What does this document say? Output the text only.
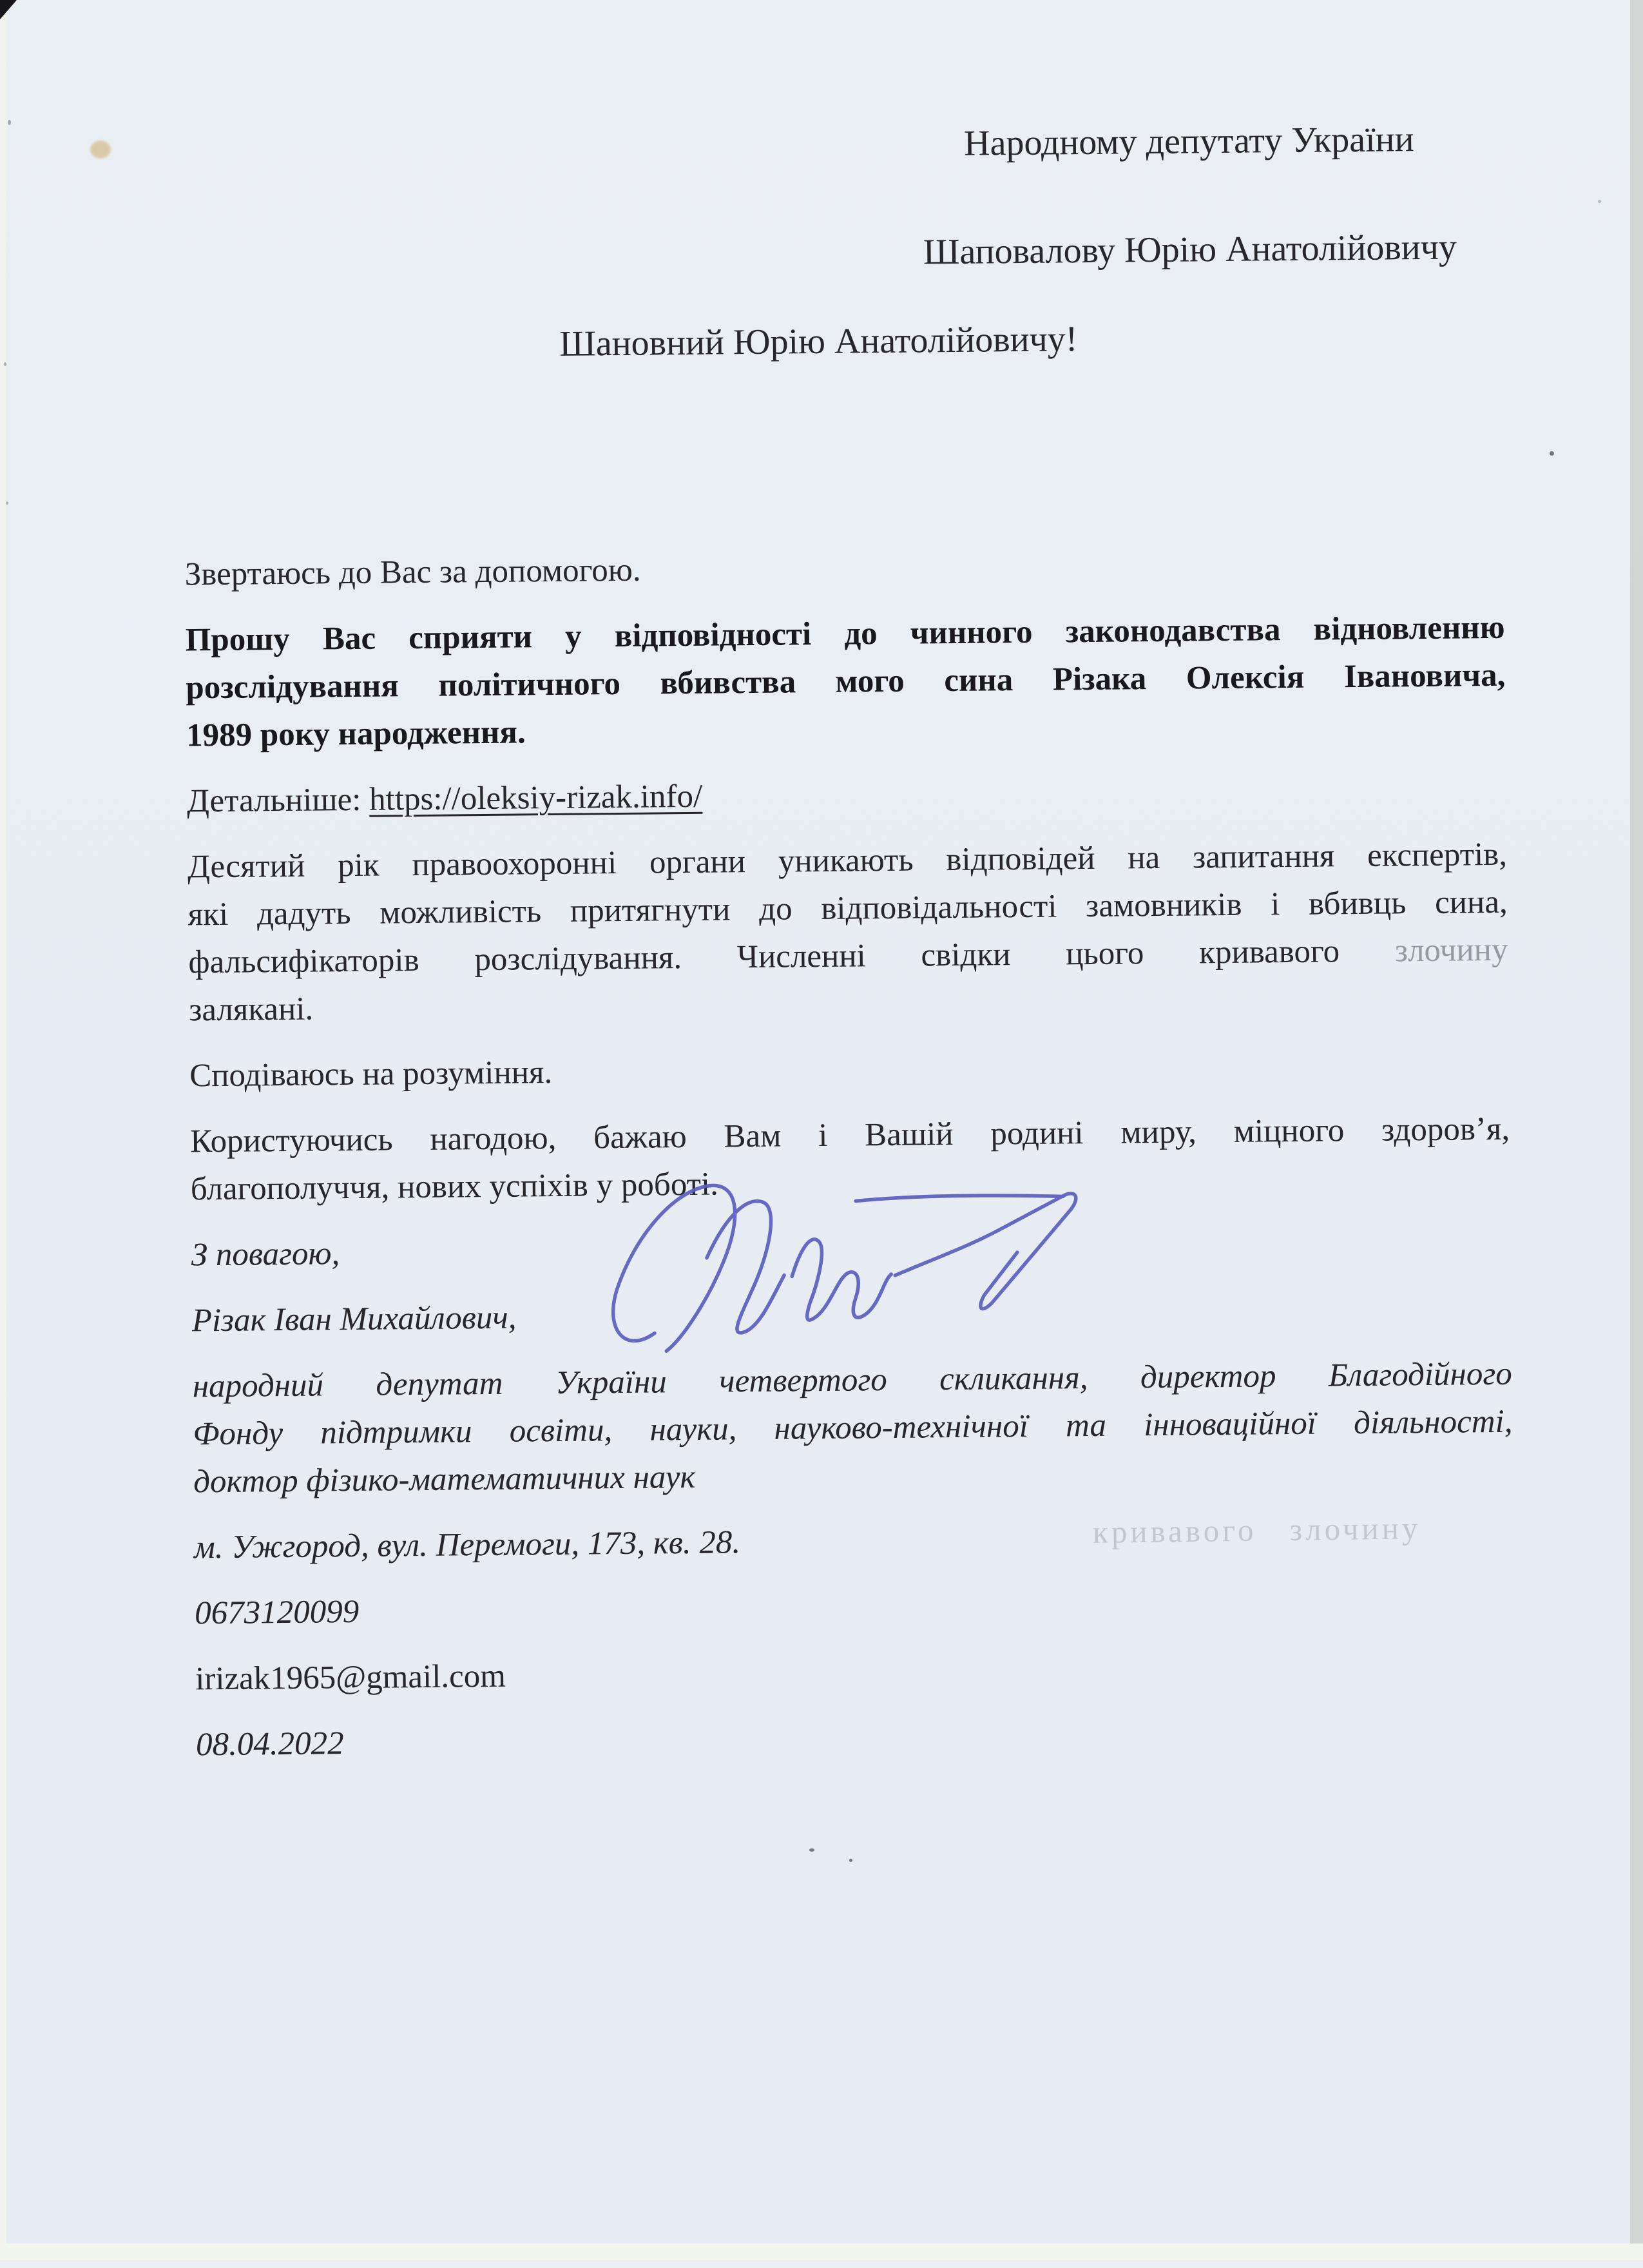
Народному депутату України
Шаповалову Юрію Анатолійовичу
Шановний Юрію Анатолійовичу!
Звертаюсь до Вас за допомогою.
Прошу Вас сприяти у відповідності до чинного законодавства відновленню
розслідування політичного вбивства мого сина Різака Олексія Івановича,
1989 року народження.
Детальніше: https://oleksiy-rizak.info/
Десятий рік правоохоронні органи уникають відповідей на запитання експертів,
які дадуть можливість притягнути до відповідальності замовників і вбивць сина,
фальсифікаторів розслідування. Численні свідки цього кривавого злочину
залякані.
Сподіваюсь на розуміння.
Користуючись нагодою, бажаю Вам і Вашій родині миру, міцного здоров’я,
благополуччя, нових успіхів у роботі.
З повагою,
Різак Іван Михайлович,
народний депутат України четвертого скликання, директор Благодійного
Фонду підтримки освіти, науки, науково-технічної та інноваційної діяльності,
доктор фізико-математичних наук
м. Ужгород, вул. Перемоги, 173, кв. 28.
0673120099
irizak1965@gmail.com
08.04.2022
кривавого злочину
